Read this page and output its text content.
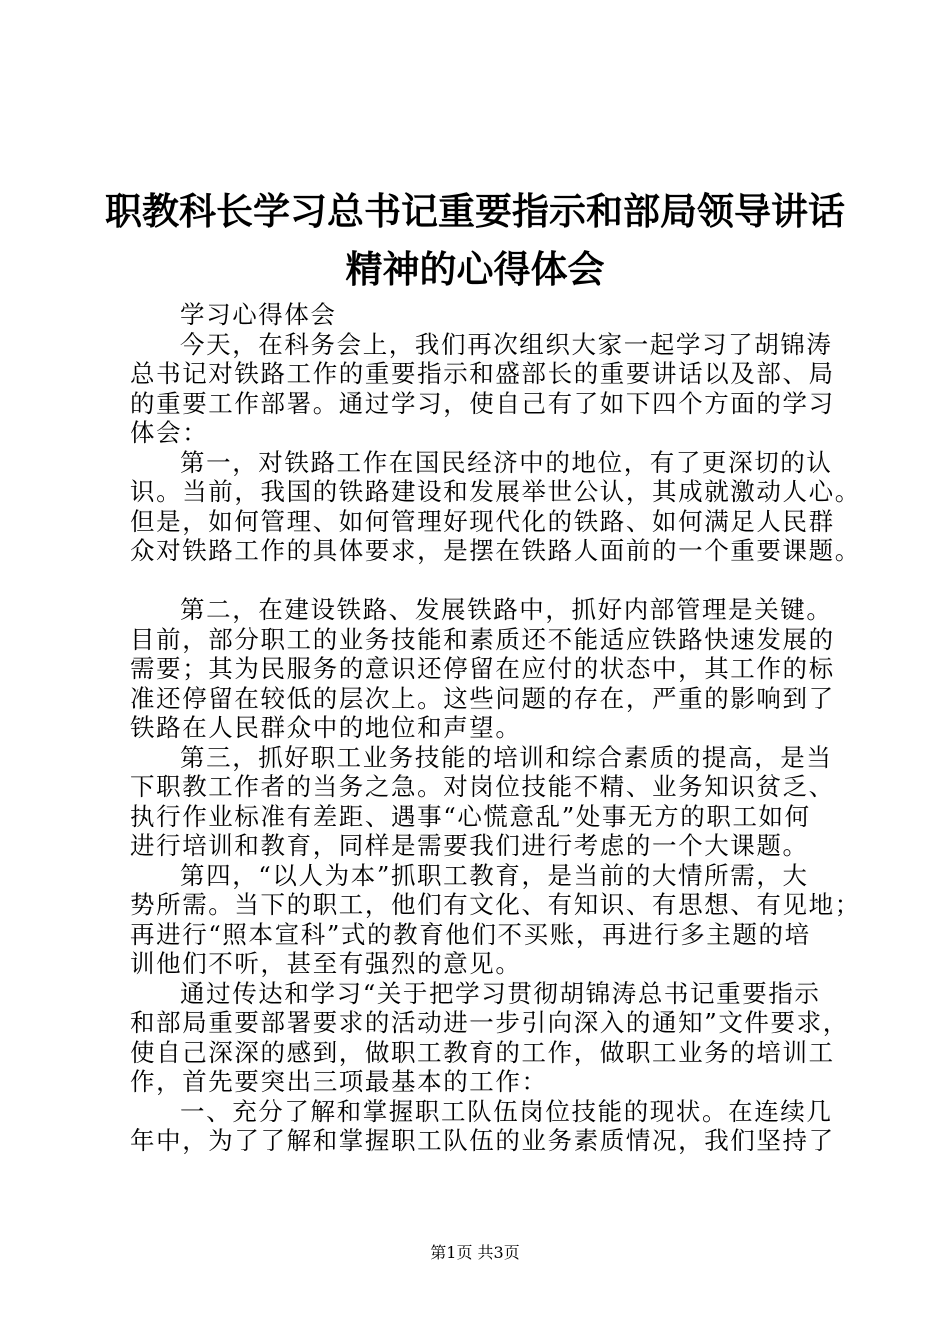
职教科长学习总书记重要指示和部局领导讲话
精神的心得体会
学习心得体会
今天，在科务会上，我们再次组织大家一起学习了胡锦涛
总书记对铁路工作的重要指示和盛部长的重要讲话以及部、局
的重要工作部署。通过学习，使自己有了如下四个方面的学习
体会：
第一，对铁路工作在国民经济中的地位，有了更深切的认
识。当前，我国的铁路建设和发展举世公认，其成就激动人心。
但是，如何管理、如何管理好现代化的铁路、如何满足人民群
众对铁路工作的具体要求，是摆在铁路人面前的一个重要课题。
第二，在建设铁路、发展铁路中，抓好内部管理是关键。
目前，部分职工的业务技能和素质还不能适应铁路快速发展的
需要；其为民服务的意识还停留在应付的状态中，其工作的标
准还停留在较低的层次上。这些问题的存在，严重的影响到了
铁路在人民群众中的地位和声望。
第三，抓好职工业务技能的培训和综合素质的提高，是当
下职教工作者的当务之急。对岗位技能不精、业务知识贫乏、
执行作业标准有差距、遇事“心慌意乱”处事无方的职工如何
进行培训和教育，同样是需要我们进行考虑的一个大课题。
第四，“以人为本”抓职工教育，是当前的大情所需，大
势所需。当下的职工，他们有文化、有知识、有思想、有见地；
再进行“照本宣科”式的教育他们不买账，再进行多主题的培
训他们不听，甚至有强烈的意见。
通过传达和学习“关于把学习贯彻胡锦涛总书记重要指示
和部局重要部署要求的活动进一步引向深入的通知”文件要求，
使自己深深的感到，做职工教育的工作，做职工业务的培训工
作，首先要突出三项最基本的工作：
一、充分了解和掌握职工队伍岗位技能的现状。在连续几
年中，为了了解和掌握职工队伍的业务素质情况，我们坚持了
第1页 共3页
